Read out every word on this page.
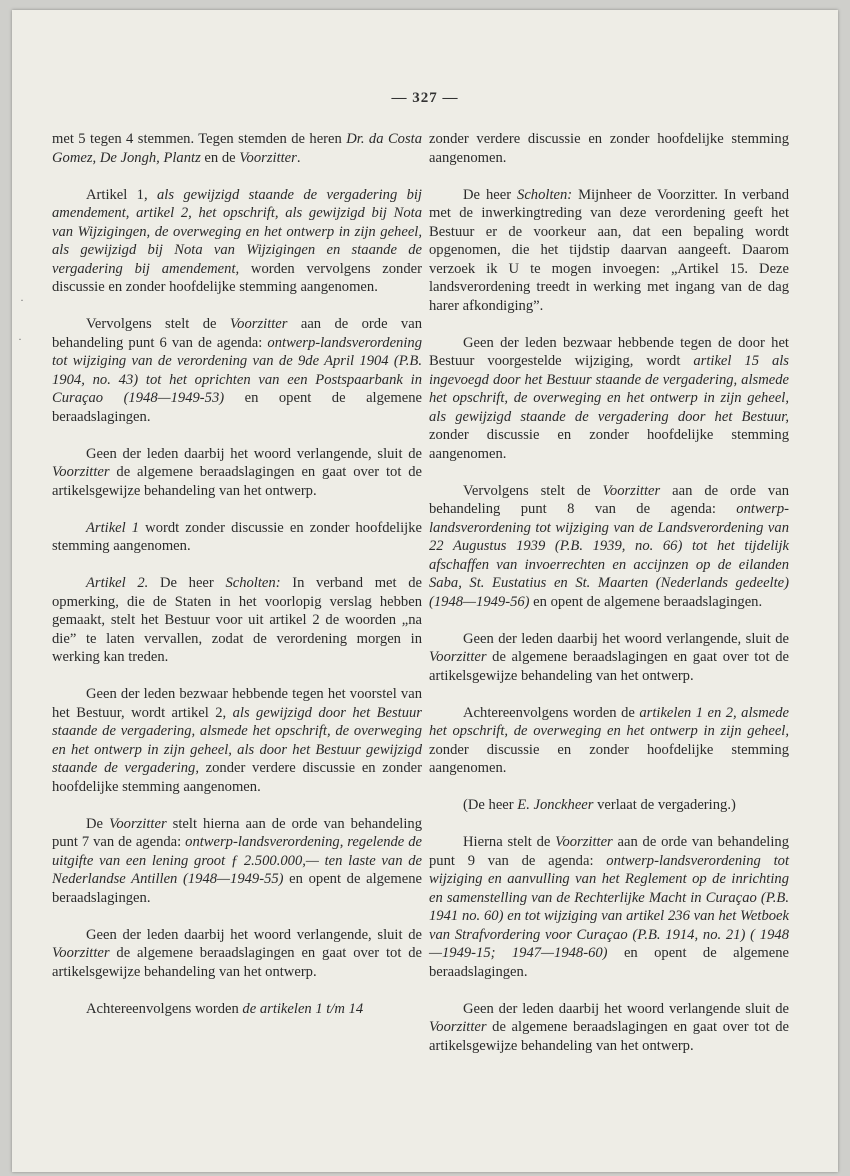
— 327 —
·
·

met 5 tegen 4 stemmen. Tegen stemden de heren Dr. da Costa Gomez, De Jongh, Plantz en de Voorzitter.

Artikel 1, als gewijzigd staande de vergadering bij amendement, artikel 2, het opschrift, als gewijzigd bij Nota van Wijzigingen, de overweging en het ontwerp in zijn geheel, als gewijzigd bij Nota van Wijzigingen en staande de vergadering bij amendement, worden vervolgens zonder discussie en zonder hoofdelijke stemming aangenomen.

Vervolgens stelt de Voorzitter aan de orde van behandeling punt 6 van de agenda: ontwerp-landsverordening tot wijziging van de verordening van de 9de April 1904 (P.B. 1904, no. 43) tot het oprichten van een Postspaarbank in Curaçao (1948—1949-53) en opent de algemene beraadslagingen.

Geen der leden daarbij het woord verlangende, sluit de Voorzitter de algemene beraadslagingen en gaat over tot de artikelsgewijze behandeling van het ontwerp.

Artikel 1 wordt zonder discussie en zonder hoofdelijke stemming aangenomen.

Artikel 2. De heer Scholten: In verband met de opmerking, die de Staten in het voorlopig verslag hebben gemaakt, stelt het Bestuur voor uit artikel 2 de woorden „na die” te laten vervallen, zodat de verordening morgen in werking kan treden.

Geen der leden bezwaar hebbende tegen het voorstel van het Bestuur, wordt artikel 2, als gewijzigd door het Bestuur staande de vergadering, alsmede het opschrift, de overweging en het ontwerp in zijn geheel, als door het Bestuur gewijzigd staande de vergadering, zonder verdere discussie en zonder hoofdelijke stemming aangenomen.

De Voorzitter stelt hierna aan de orde van behandeling punt 7 van de agenda: ontwerp-landsverordening, regelende de uitgifte van een lening groot ƒ 2.500.000,— ten laste van de Nederlandse Antillen (1948—1949-55) en opent de algemene beraadslagingen.

Geen der leden daarbij het woord verlangende, sluit de Voorzitter de algemene beraadslagingen en gaat over tot de artikelsgewijze behandeling van het ontwerp.

Achtereenvolgens worden de artikelen 1 t/m 14

zonder verdere discussie en zonder hoofdelijke stemming aangenomen.

De heer Scholten: Mijnheer de Voorzitter. In verband met de inwerkingtreding van deze verordening geeft het Bestuur er de voorkeur aan, dat een bepaling wordt opgenomen, die het tijdstip daarvan aangeeft. Daarom verzoek ik U te mogen invoegen: „Artikel 15. Deze landsverordening treedt in werking met ingang van de dag harer afkondiging”.

Geen der leden bezwaar hebbende tegen de door het Bestuur voorgestelde wijziging, wordt artikel 15 als ingevoegd door het Bestuur staande de vergadering, alsmede het opschrift, de overweging en het ontwerp in zijn geheel, als gewijzigd staande de vergadering door het Bestuur, zonder discussie en zonder hoofdelijke stemming aangenomen.

Vervolgens stelt de Voorzitter aan de orde van behandeling punt 8 van de agenda: ontwerp-landsverordening tot wijziging van de Landsverordening van 22 Augustus 1939 (P.B. 1939, no. 66) tot het tijdelijk afschaffen van invoerrechten en accijnzen op de eilanden Saba, St. Eustatius en St. Maarten (Nederlands gedeelte) (1948—1949-56) en opent de algemene beraadslagingen.

Geen der leden daarbij het woord verlangende, sluit de Voorzitter de algemene beraadslagingen en gaat over tot de artikelsgewijze behandeling van het ontwerp.

Achtereenvolgens worden de artikelen 1 en 2, alsmede het opschrift, de overweging en het ontwerp in zijn geheel, zonder discussie en zonder hoofdelijke stemming aangenomen.

(De heer E. Jonckheer verlaat de vergadering.)

Hierna stelt de Voorzitter aan de orde van behandeling punt 9 van de agenda: ontwerp-landsverordening tot wijziging en aanvulling van het Reglement op de inrichting en samenstelling van de Rechterlijke Macht in Curaçao (P.B. 1941 no. 60) en tot wijziging van artikel 236 van het Wetboek van Strafvordering voor Curaçao (P.B. 1914, no. 21) ( 1948—1949-15; 1947—1948-60) en opent de algemene beraadslagingen.

Geen der leden daarbij het woord verlangende sluit de Voorzitter de algemene beraadslagingen en gaat over tot de artikelsgewijze behandeling van het ontwerp.
